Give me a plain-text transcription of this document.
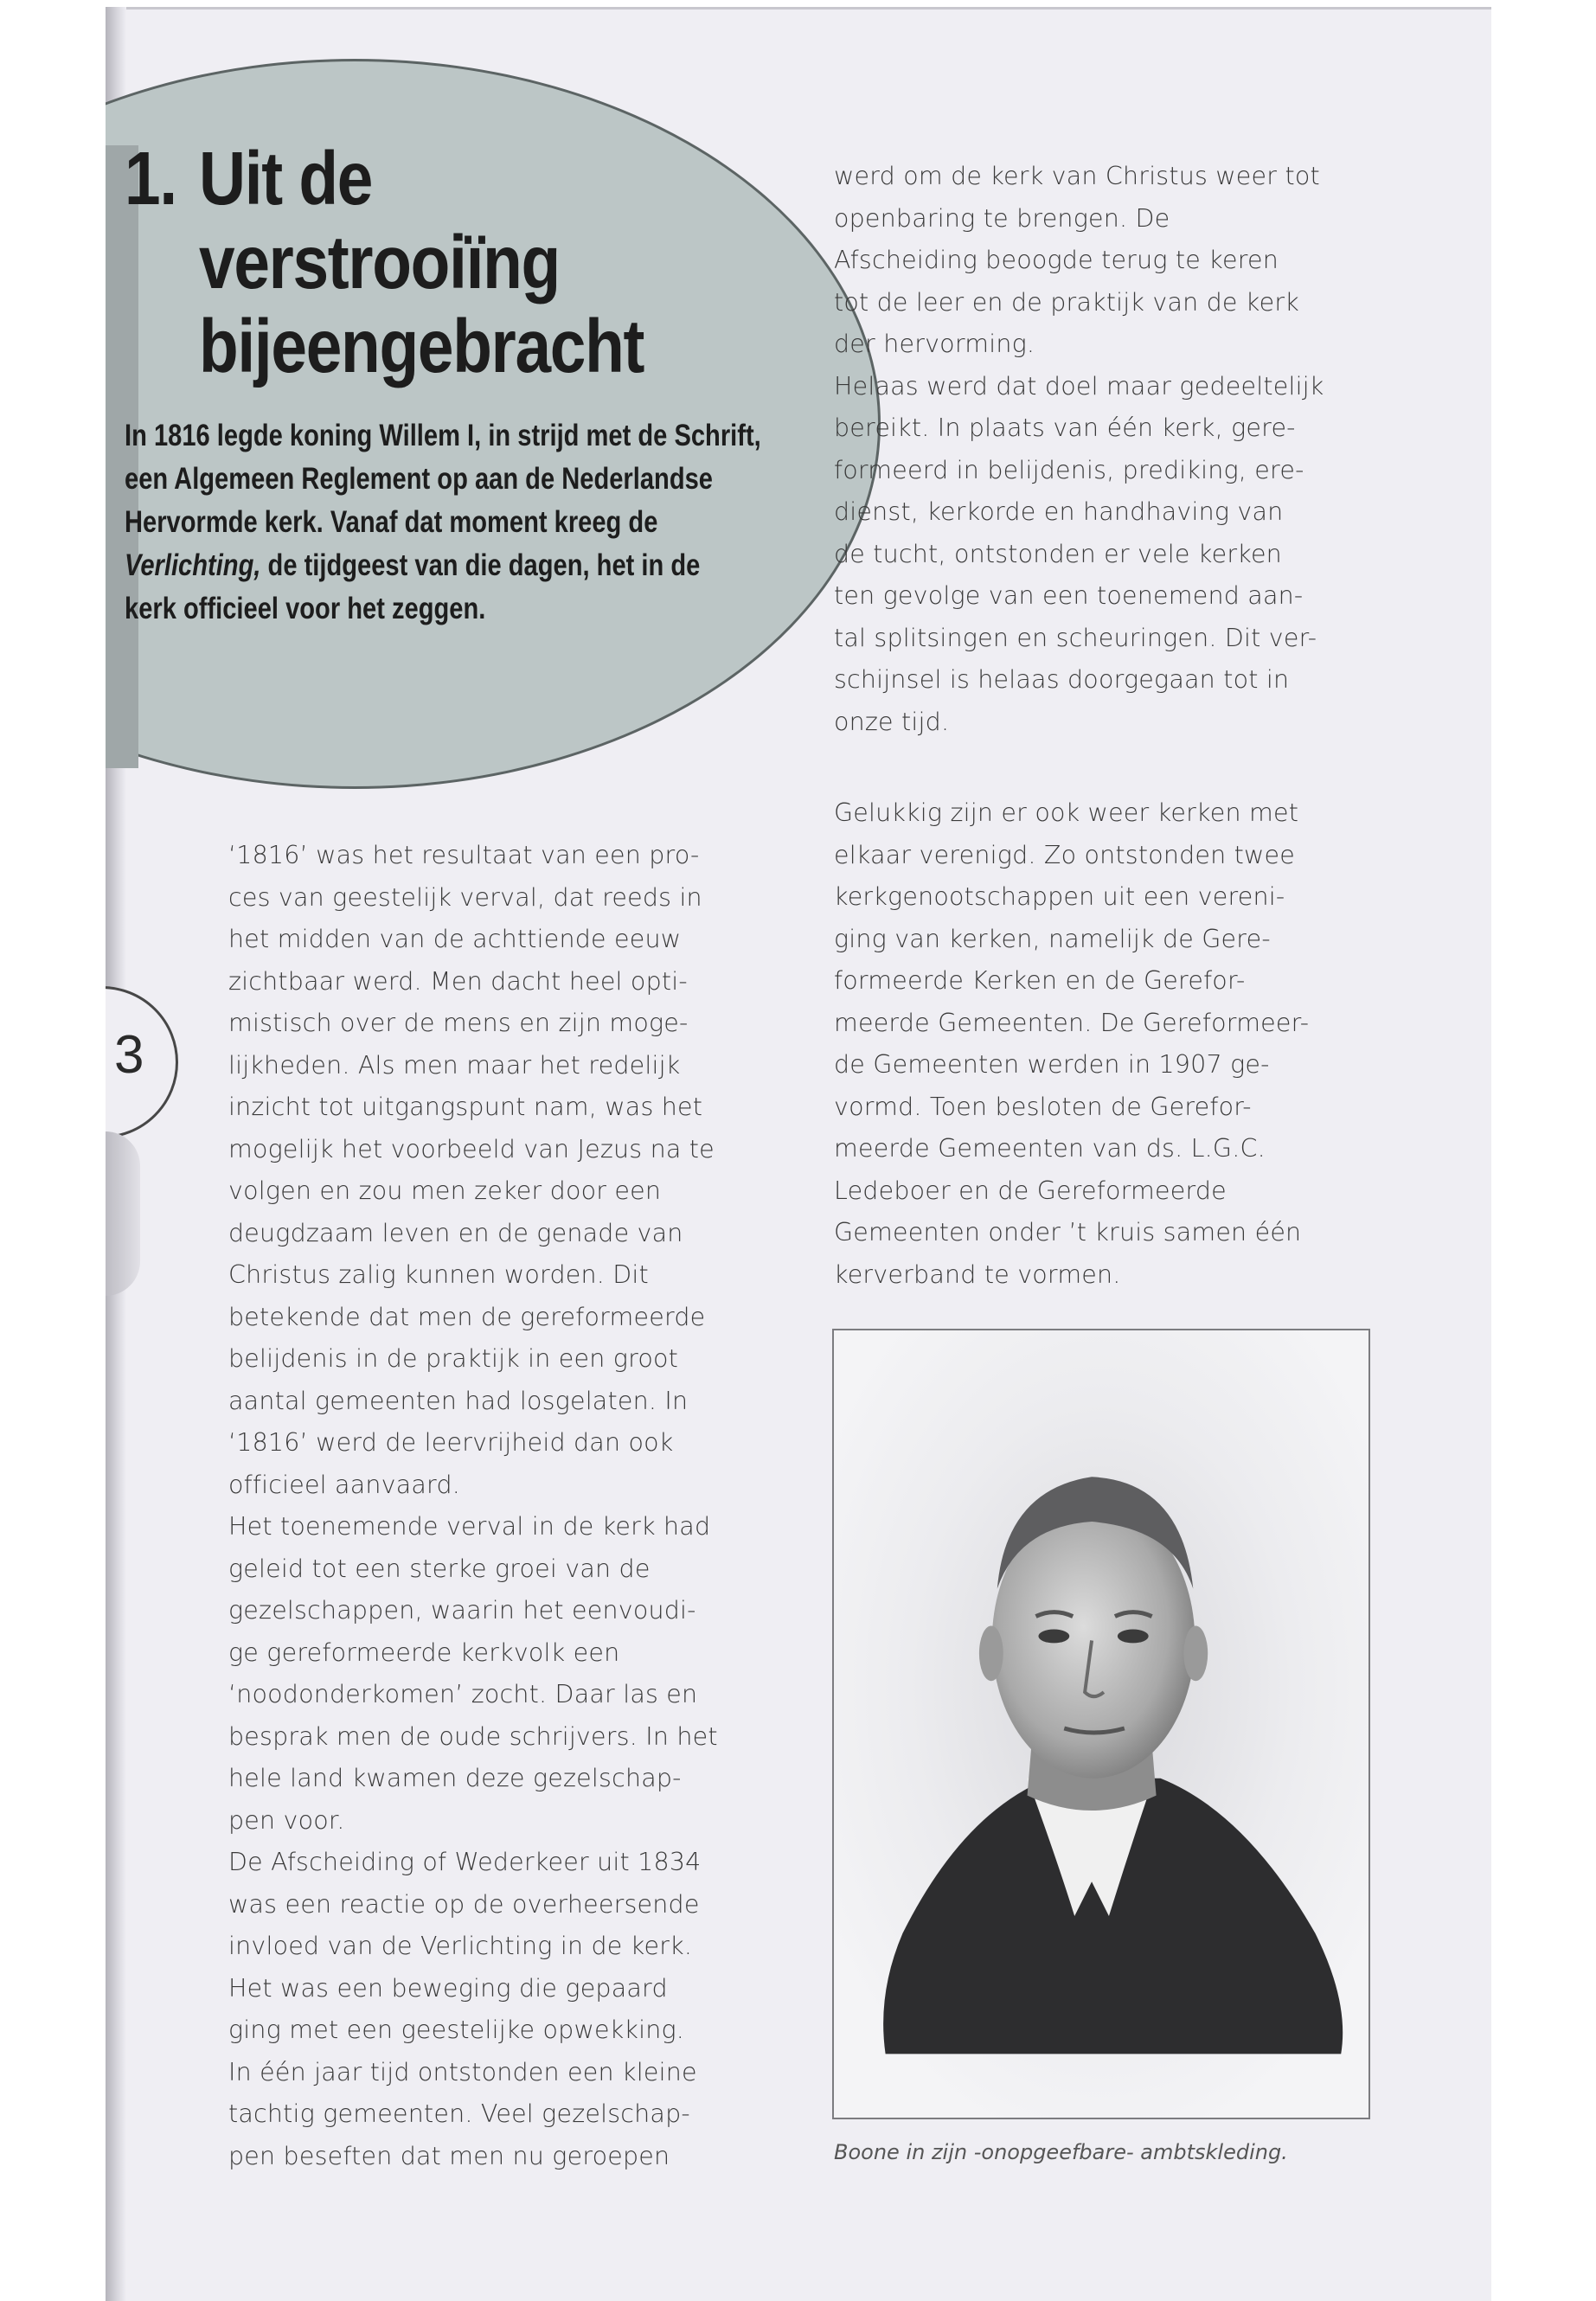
1. Uit de
verstrooiïng
bijeengebracht

In 1816 legde koning Willem I, in strijd met de Schrift,
een Algemeen Reglement op aan de Nederlandse
Hervormde kerk. Vanaf dat moment kreeg de
Verlichting, de tijdgeest van die dagen, het in de
kerk officieel voor het zeggen.

3
‘1816’ was het resultaat van een pro-
ces van geestelijk verval, dat reeds in
het midden van de achttiende eeuw
zichtbaar werd. Men dacht heel opti-
mistisch over de mens en zijn moge-
lijkheden. Als men maar het redelijk
inzicht tot uitgangspunt nam, was het
mogelijk het voorbeeld van Jezus na te
volgen en zou men zeker door een
deugdzaam leven en de genade van
Christus zalig kunnen worden. Dit
betekende dat men de gereformeerde
belijdenis in de praktijk in een groot
aantal gemeenten had losgelaten. In
‘1816’ werd de leervrijheid dan ook
officieel aanvaard.
Het toenemende verval in de kerk had
geleid tot een sterke groei van de
gezelschappen, waarin het eenvoudi-
ge gereformeerde kerkvolk een
‘noodonderkomen’ zocht. Daar las en
besprak men de oude schrijvers. In het
hele land kwamen deze gezelschap-
pen voor.
De Afscheiding of Wederkeer uit 1834
was een reactie op de overheersende
invloed van de Verlichting in de kerk.
Het was een beweging die gepaard
ging met een geestelijke opwekking.
In één jaar tijd ontstonden een kleine
tachtig gemeenten. Veel gezelschap-
pen beseften dat men nu geroepen
werd om de kerk van Christus weer tot
openbaring te brengen. De
Afscheiding beoogde terug te keren
tot de leer en de praktijk van de kerk
der hervorming.
Helaas werd dat doel maar gedeeltelijk
bereikt. In plaats van één kerk, gere-
formeerd in belijdenis, prediking, ere-
dienst, kerkorde en handhaving van
de tucht, ontstonden er vele kerken
ten gevolge van een toenemend aan-
tal splitsingen en scheuringen. Dit ver-
schijnsel is helaas doorgegaan tot in
onze tijd.
Gelukkig zijn er ook weer kerken met
elkaar verenigd. Zo ontstonden twee
kerkgenootschappen uit een vereni-
ging van kerken, namelijk de Gere-
formeerde Kerken en de Gerefor-
meerde Gemeenten. De Gereformeer-
de Gemeenten werden in 1907 ge-
vormd. Toen besloten de Gerefor-
meerde Gemeenten van ds. L.G.C.
Ledeboer en de Gereformeerde
Gemeenten onder ’t kruis samen één
kerverband te vormen.

Boone in zijn -onopgeefbare- ambtskleding.
